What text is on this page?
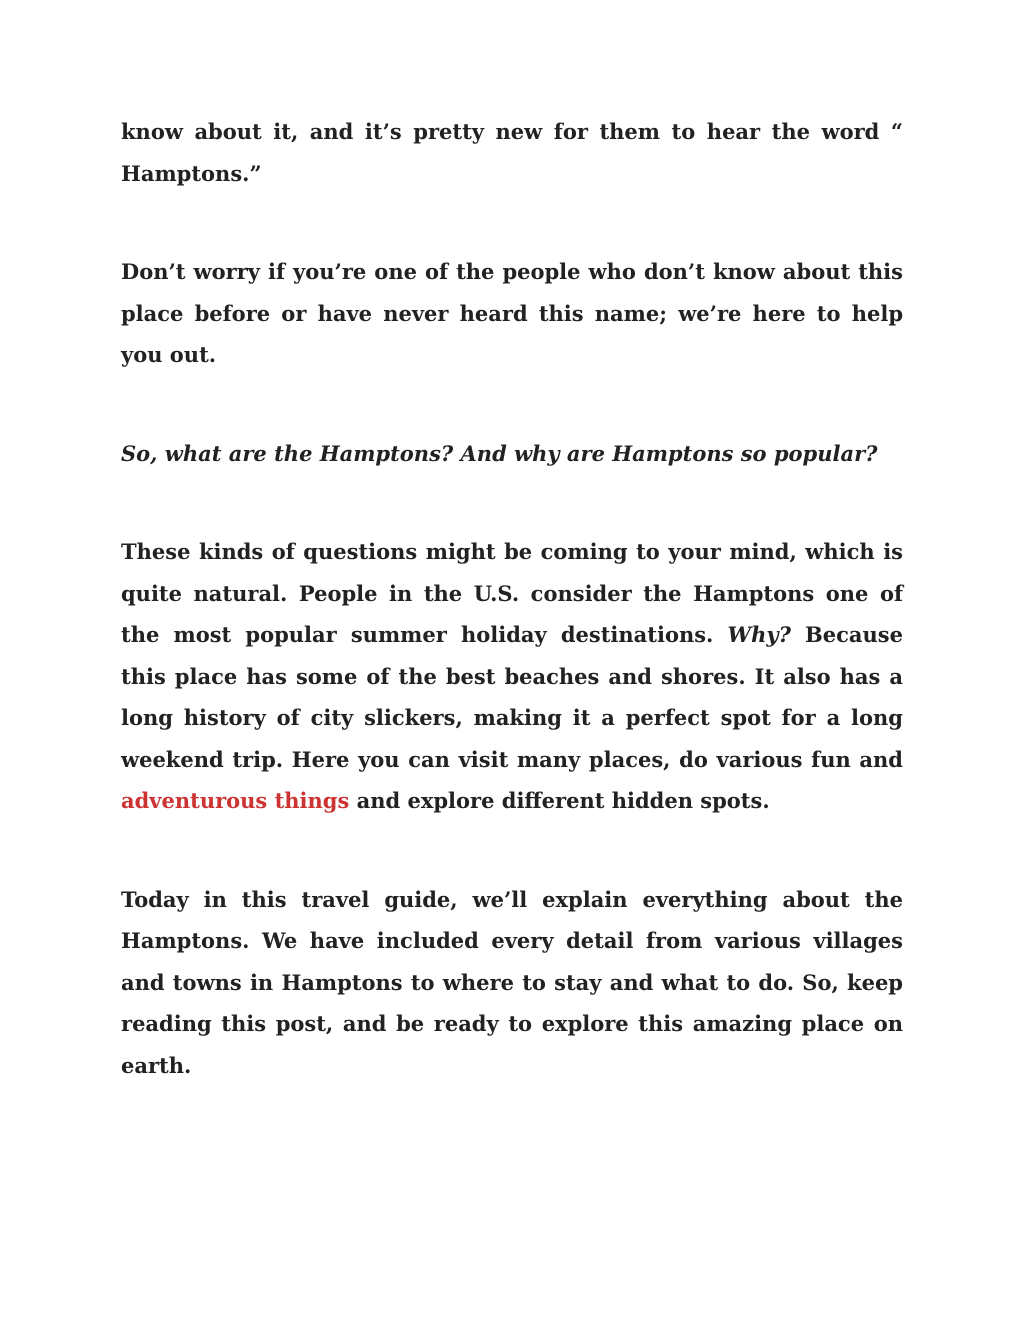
know about it, and it’s pretty new for them to hear the word “ Hamptons.”

Don’t worry if you’re one of the people who don’t know about this place before or have never heard this name; we’re here to help you out.

So, what are the Hamptons? And why are Hamptons so popular?

These kinds of questions might be coming to your mind, which is quite natural. People in the U.S. consider the Hamptons one of the most popular summer holiday destinations. Why? Because this place has some of the best beaches and shores. It also has a long history of city slickers, making it a perfect spot for a long weekend trip. Here you can visit many places, do various fun and adventurous things and explore different hidden spots.

Today in this travel guide, we’ll explain everything about the Hamptons. We have included every detail from various villages and towns in Hamptons to where to stay and what to do. So, keep reading this post, and be ready to explore this amazing place on earth.
